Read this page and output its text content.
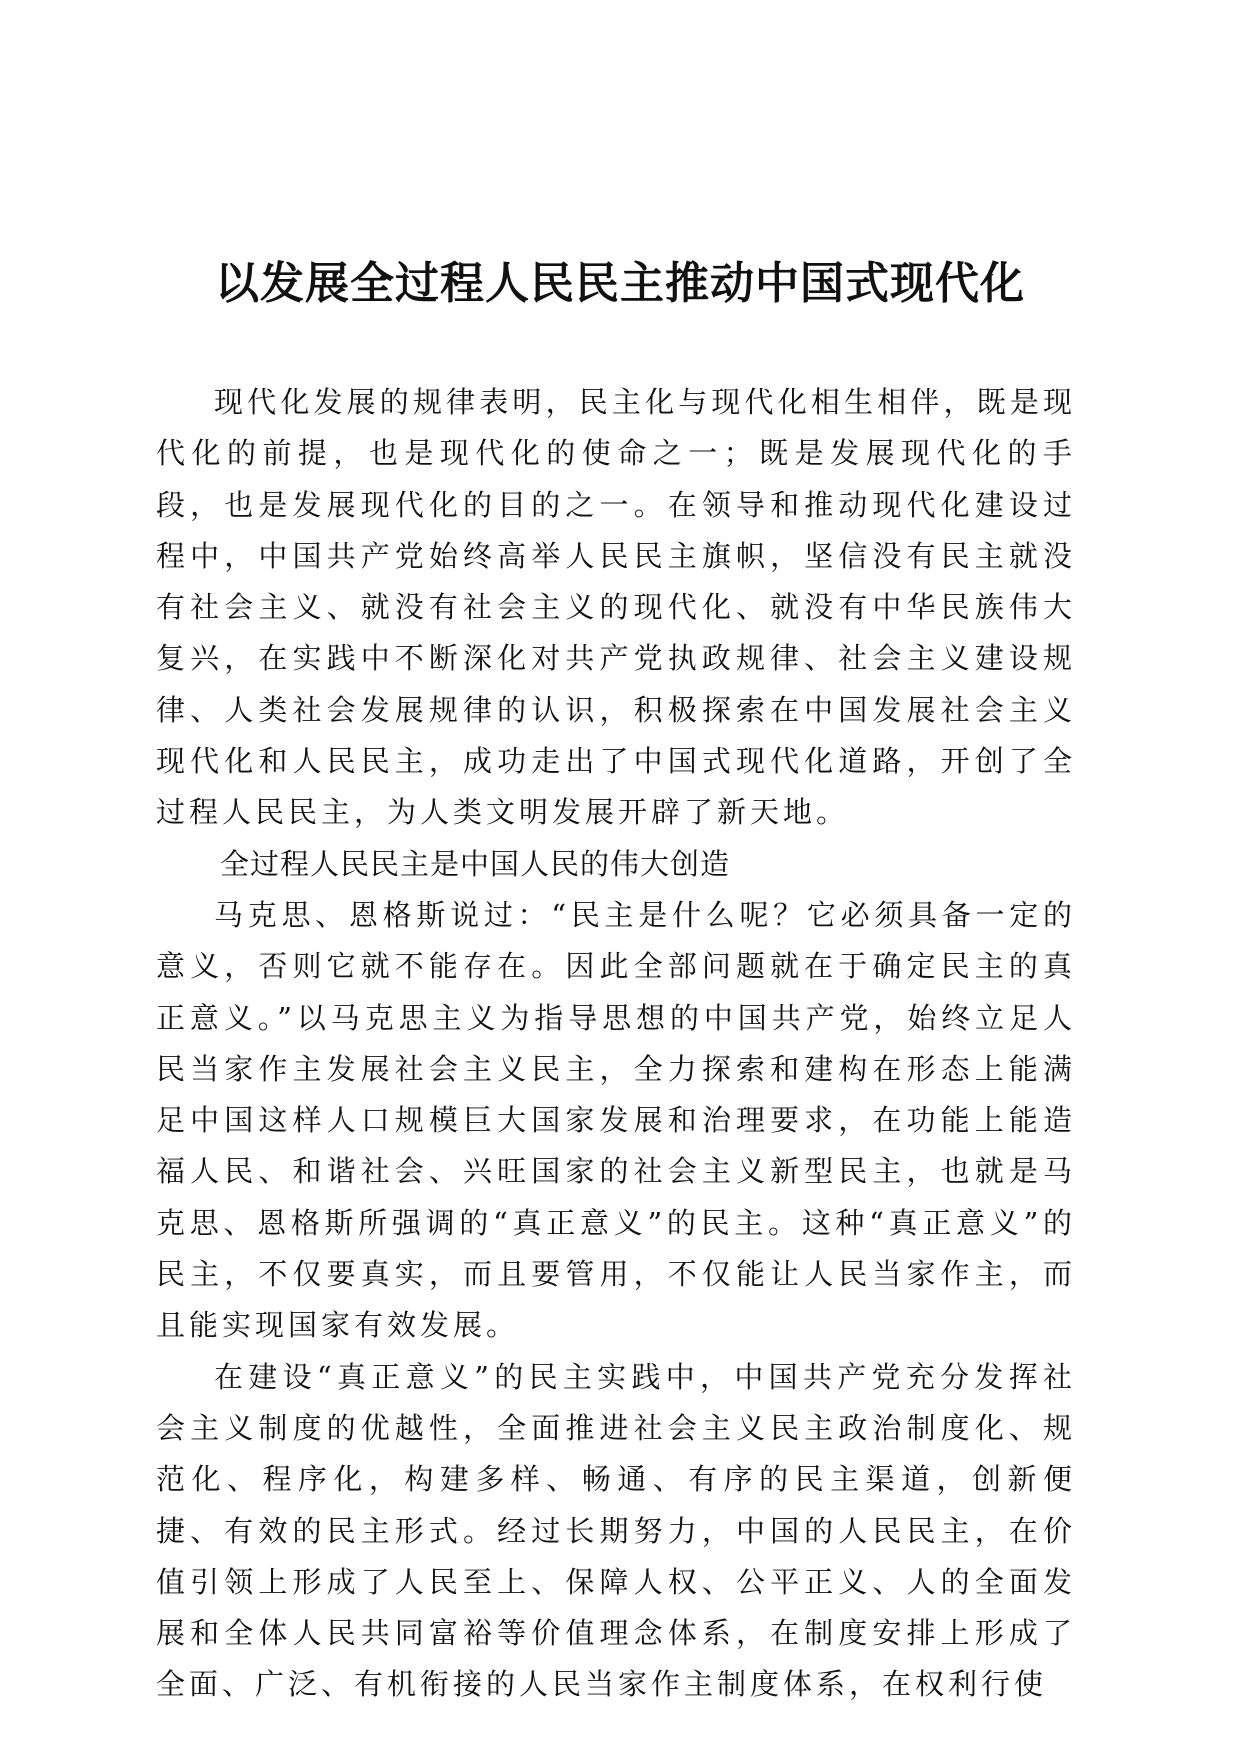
以发展全过程人民民主推动中国式现代化

现代化发展的规律表明，民主化与现代化相生相伴，既是现代化的前提，也是现代化的使命之一；既是发展现代化的手段，也是发展现代化的目的之一。在领导和推动现代化建设过程中，中国共产党始终高举人民民主旗帜，坚信没有民主就没有社会主义、就没有社会主义的现代化、就没有中华民族伟大复兴，在实践中不断深化对共产党执政规律、社会主义建设规律、人类社会发展规律的认识，积极探索在中国发展社会主义现代化和人民民主，成功走出了中国式现代化道路，开创了全过程人民民主，为人类文明发展开辟了新天地。

全过程人民民主是中国人民的伟大创造

马克思、恩格斯说过：“民主是什么呢？它必须具备一定的意义，否则它就不能存在。因此全部问题就在于确定民主的真正意义。”以马克思主义为指导思想的中国共产党，始终立足人民当家作主发展社会主义民主，全力探索和建构在形态上能满足中国这样人口规模巨大国家发展和治理要求，在功能上能造福人民、和谐社会、兴旺国家的社会主义新型民主，也就是马克思、恩格斯所强调的“真正意义”的民主。这种“真正意义”的民主，不仅要真实，而且要管用，不仅能让人民当家作主，而且能实现国家有效发展。

在建设“真正意义”的民主实践中，中国共产党充分发挥社会主义制度的优越性，全面推进社会主义民主政治制度化、规范化、程序化，构建多样、畅通、有序的民主渠道，创新便捷、有效的民主形式。经过长期努力，中国的人民民主，在价值引领上形成了人民至上、保障人权、公平正义、人的全面发展和全体人民共同富裕等价值理念体系，在制度安排上形成了全面、广泛、有机衔接的人民当家作主制度体系，在权利行使
